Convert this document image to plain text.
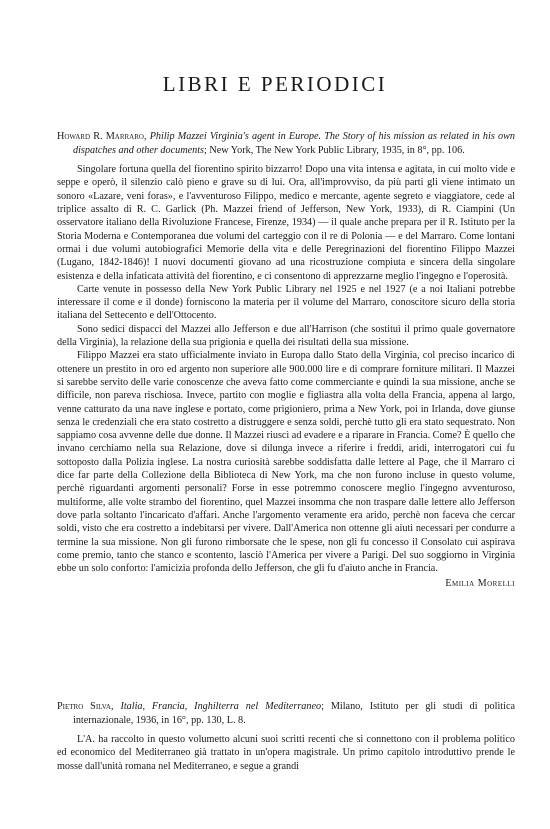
LIBRI E PERIODICI

Howard R. Marraro, Philip Mazzei Virginia's agent in Europe. The Story of his mission as related in his own dispatches and other documents; New York, The New York Public Library, 1935, in 8°, pp. 106.

Singolare fortuna quella del fiorentino spirito bizzarro! Dopo una vita intensa e agitata, in cui molto vide e seppe e operò, il silenzio calò pieno e grave su di lui. Ora, all'improvviso, da più parti gli viene intimato un sonoro «Lazare, veni foras», e l'avventuroso Filippo, medico e mercante, agente segreto e viaggiatore, cede al triplice assalto di R. C. Garlick (Ph. Mazzei friend of Jefferson, New York, 1933), di R. Ciampini (Un osservatore italiano della Rivoluzione Francese, Firenze, 1934) — il quale anche prepara per il R. Istituto per la Storia Moderna e Contemporanea due volumi del carteggio con il re di Polonia — e del Marraro. Come lontani ormai i due volumi autobiografici Memorie della vita e delle Peregrinazioni del fiorentino Filippo Mazzei (Lugano, 1842-1846)! I nuovi documenti giovano ad una ricostruzione compiuta e sincera della singolare esistenza e della infaticata attività del fiorentino, e ci consentono di apprezzarne meglio l'ingegno e l'operosità.

Carte venute in possesso della New York Public Library nel 1925 e nel 1927 (e a noi Italiani potrebbe interessare il come e il donde) forniscono la materia per il volume del Marraro, conoscitore sicuro della storia italiana del Settecento e dell'Ottocento.

Sono sedici dispacci del Mazzei allo Jefferson e due all'Harrison (che sostituì il primo quale governatore della Virginia), la relazione della sua prigionia e quella dei risultati della sua missione.

Filippo Mazzei era stato ufficialmente inviato in Europa dallo Stato della Virginia, col preciso incarico di ottenere un prestito in oro ed argento non superiore alle 900.000 lire e di comprare forniture militari. Il Mazzei si sarebbe servito delle varie conoscenze che aveva fatto come commerciante e quindi la sua missione, anche se difficile, non pareva rischiosa. Invece, partito con moglie e figliastra alla volta della Francia, appena al largo, venne catturato da una nave inglese e portato, come prigioniero, prima a New York, poi in Irlanda, dove giunse senza le credenziali che era stato costretto a distruggere e senza soldi, perchè tutto gli era stato sequestrato. Non sappiamo cosa avvenne delle due donne. Il Mazzei riuscì ad evadere e a riparare in Francia. Come? È quello che invano cerchiamo nella sua Relazione, dove si dilunga invece a riferire i freddi, aridi, interrogatori cui fu sottoposto dalla Polizia inglese. La nostra curiosità sarebbe soddisfatta dalle lettere al Page, che il Marraro ci dice far parte della Collezione della Biblioteca di New York, ma che non furono incluse in questo volume, perchè riguardanti argomenti personali? Forse in esse potremmo conoscere meglio l'ingegno avventuroso, multiforme, alle volte strambo del fiorentino, quel Mazzei insomma che non traspare dalle lettere allo Jefferson dove parla soltanto l'incaricato d'affari. Anche l'argomento veramente era arido, perchè non faceva che cercar soldi, visto che era costretto a indebitarsi per vivere. Dall'America non ottenne gli aiuti necessari per condurre a termine la sua missione. Non gli furono rimborsate che le spese, non gli fu concesso il Consolato cui aspirava come premio, tanto che stanco e scontento, lasciò l'America per vivere a Parigi. Del suo soggiorno in Virginia ebbe un solo conforto: l'amicizia profonda dello Jefferson, che gli fu d'aiuto anche in Francia.

Emilia Morelli

Pietro Silva, Italia, Francia, Inghilterra nel Mediterraneo; Milano, Istituto per gli studi di politica internazionale, 1936, in 16°, pp. 130, L. 8.

L'A. ha raccolto in questo volumetto alcuni suoi scritti recenti che si connettono con il problema politico ed economico del Mediterraneo già trattato in un'opera magistrale. Un primo capitolo introduttivo prende le mosse dall'unità romana nel Mediterraneo, e segue a grandi
